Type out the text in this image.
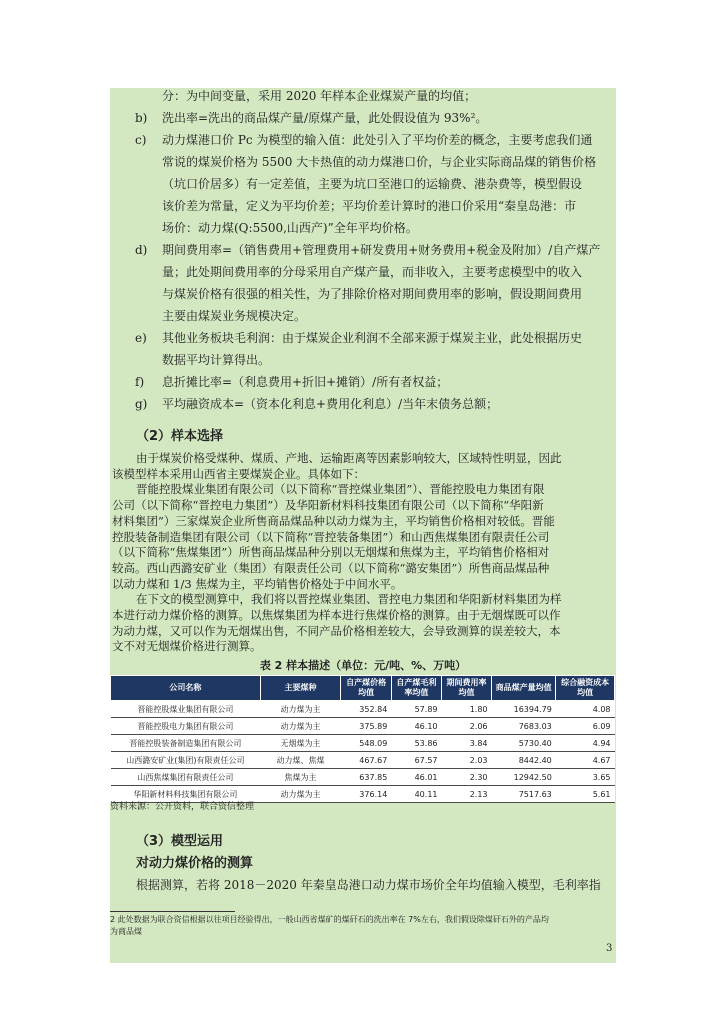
分：为中间变量，采用 2020 年样本企业煤炭产量的均值；
b) 洗出率=洗出的商品煤产量/原煤产量，此处假设值为 93%²。
c) 动力煤港口价 Pc 为模型的输入值：此处引入了平均价差的概念，主要考虑我们通
常说的煤炭价格为 5500 大卡热值的动力煤港口价，与企业实际商品煤的销售价格
（坑口价居多）有一定差值，主要为坑口至港口的运输费、港杂费等，模型假设
该价差为常量，定义为平均价差；平均价差计算时的港口价采用“秦皇岛港：市
场价：动力煤(Q:5500,山西产)”全年平均价格。
d) 期间费用率=（销售费用+管理费用+研发费用+财务费用+税金及附加）/自产煤产
量；此处期间费用率的分母采用自产煤产量，而非收入，主要考虑模型中的收入
与煤炭价格有很强的相关性，为了排除价格对期间费用率的影响，假设期间费用
主要由煤炭业务规模决定。
e) 其他业务板块毛利润：由于煤炭企业利润不全部来源于煤炭主业，此处根据历史
数据平均计算得出。
f) 息折摊比率=（利息费用+折旧+摊销）/所有者权益；
g) 平均融资成本=（资本化利息+费用化利息）/当年末债务总额；
（2）样本选择
由于煤炭价格受煤种、煤质、产地、运输距离等因素影响较大，区域特性明显，因此
该模型样本采用山西省主要煤炭企业。具体如下：
晋能控股煤业集团有限公司（以下简称“晋控煤业集团”）、晋能控股电力集团有限
公司（以下简称“晋控电力集团”）及华阳新材料科技集团有限公司（以下简称“华阳新
材料集团”）三家煤炭企业所售商品煤品种以动力煤为主，平均销售价格相对较低。晋能
控股装备制造集团有限公司（以下简称“晋控装备集团”）和山西焦煤集团有限责任公司
（以下简称“焦煤集团”）所售商品煤品种分别以无烟煤和焦煤为主，平均销售价格相对
较高。西山西潞安矿业（集团）有限责任公司（以下简称“潞安集团”）所售商品煤品种
以动力煤和 1/3 焦煤为主，平均销售价格处于中间水平。
在下文的模型测算中，我们将以晋控煤业集团、晋控电力集团和华阳新材料集团为样
本进行动力煤价格的测算。以焦煤集团为样本进行焦煤价格的测算。由于无烟煤既可以作
为动力煤，又可以作为无烟煤出售，不同产品价格相差较大，会导致测算的误差较大，本
文不对无烟煤价格进行测算。
表 2 样本描述（单位：元/吨、%、万吨）
公司名称	主要煤种	自产煤价格均值	自产煤毛利率均值	期间费用率均值	商品煤产量均值	综合融资成本均值
晋能控股煤业集团有限公司	动力煤为主	352.84	57.89	1.80	16394.79	4.08
晋能控股电力集团有限公司	动力煤为主	375.89	46.10	2.06	7683.03	6.09
晋能控股装备制造集团有限公司	无烟煤为主	548.09	53.86	3.84	5730.40	4.94
山西潞安矿业(集团)有限责任公司	动力煤、焦煤	467.67	67.57	2.03	8442.40	4.67
山西焦煤集团有限责任公司	焦煤为主	637.85	46.01	2.30	12942.50	3.65
华阳新材料科技集团有限公司	动力煤为主	376.14	40.11	2.13	7517.63	5.61
资料来源：公开资料，联合资信整理
（3）模型运用
对动力煤价格的测算
根据测算，若将 2018－2020 年秦皇岛港口动力煤市场价全年均值输入模型，毛利率指
2 此处数据为联合资信根据以往项目经验得出，一般山西省煤矿的煤矸石的洗出率在 7%左右，我们假设除煤矸石外的产品均
为商品煤
3
